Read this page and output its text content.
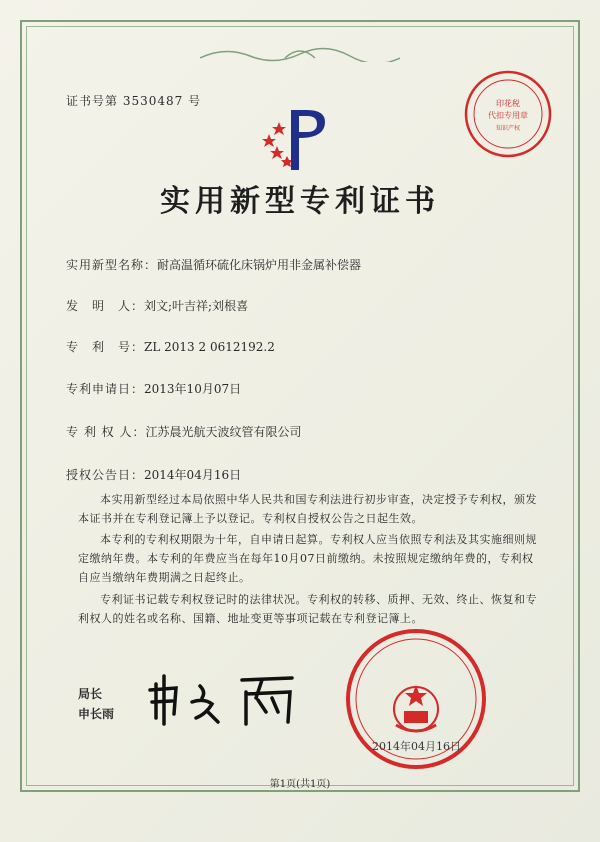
证书号第 3530487 号	印花税
代扣专用章
知识产权
实用新型专利证书
实用新型名称：耐高温循环硫化床锅炉用非金属补偿器
发　明　人：刘文;叶吉祥;刘根喜
专　利　号：ZL 2013 2 0612192.2
专利申请日：2013年10月07日
专 利 权 人：江苏晨光航天波纹管有限公司
授权公告日：2014年04月16日
本实用新型经过本局依照中华人民共和国专利法进行初步审查，决定授予专利权，颁发本证书并在专利登记簿上予以登记。专利权自授权公告之日起生效。
本专利的专利权期限为十年，自申请日起算。专利权人应当依照专利法及其实施细则规定缴纳年费。本专利的年费应当在每年10月07日前缴纳。未按照规定缴纳年费的，专利权自应当缴纳年费期满之日起终止。
专利证书记载专利权登记时的法律状况。专利权的转移、质押、无效、终止、恢复和专利权人的姓名或名称、国籍、地址变更等事项记载在专利登记簿上。
局长
申长雨
2014年04月16日
第1页(共1页)
